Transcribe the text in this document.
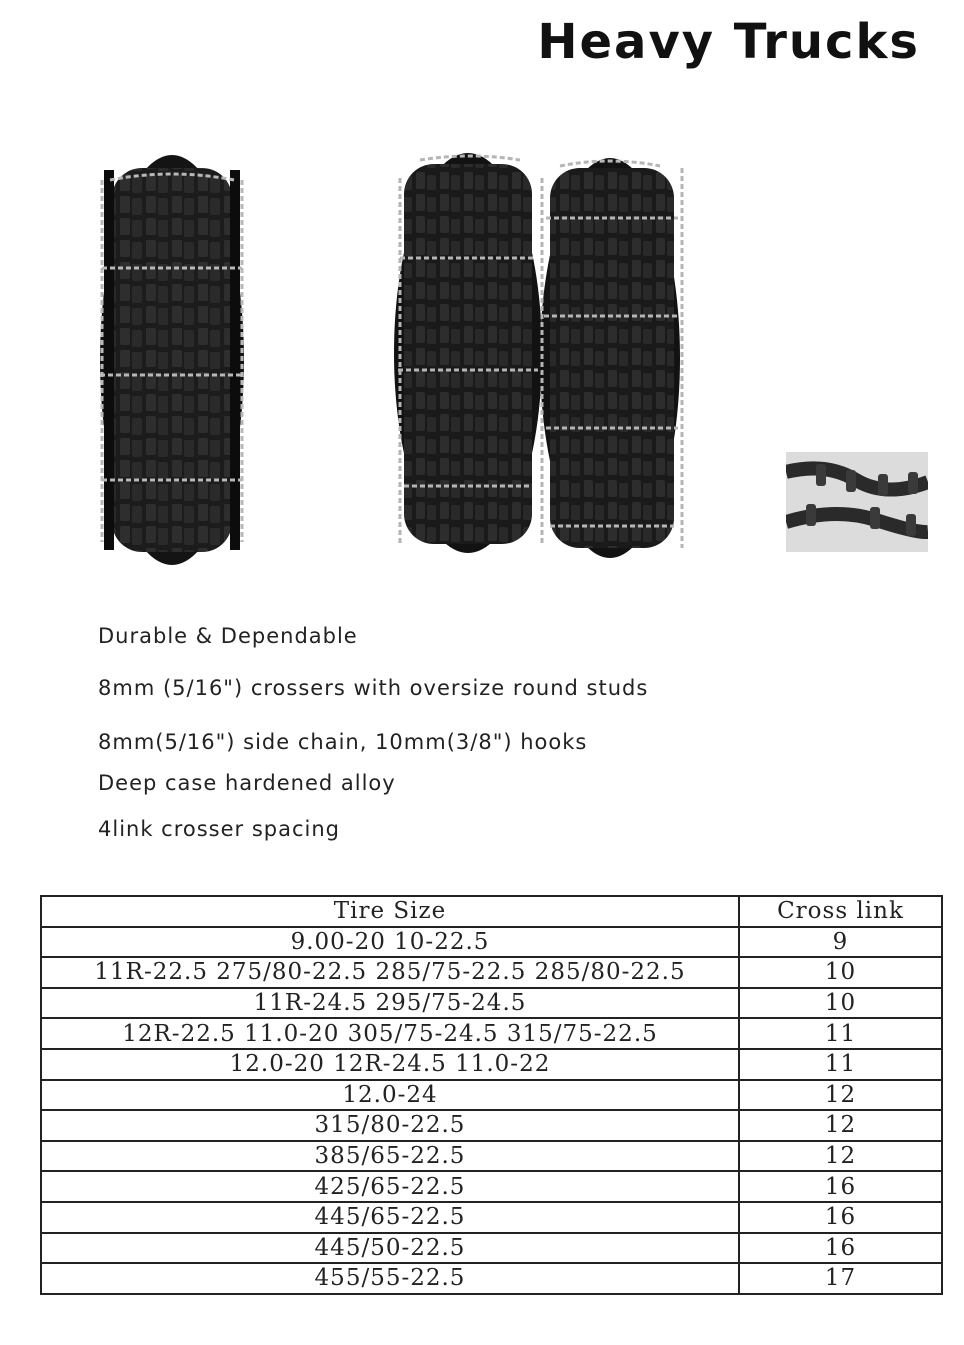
Heavy Trucks
Durable & Dependable
8mm (5/16") crossers with oversize round studs
8mm(5/16") side chain, 10mm(3/8") hooks
Deep case hardened alloy
4link crosser spacing
Tire Size	Cross link
9.00-20 10-22.5	9
11R-22.5 275/80-22.5 285/75-22.5 285/80-22.5	10
11R-24.5 295/75-24.5	10
12R-22.5 11.0-20 305/75-24.5 315/75-22.5	11
12.0-20 12R-24.5 11.0-22	11
12.0-24	12
315/80-22.5	12
385/65-22.5	12
425/65-22.5	16
445/65-22.5	16
445/50-22.5	16
455/55-22.5	17
